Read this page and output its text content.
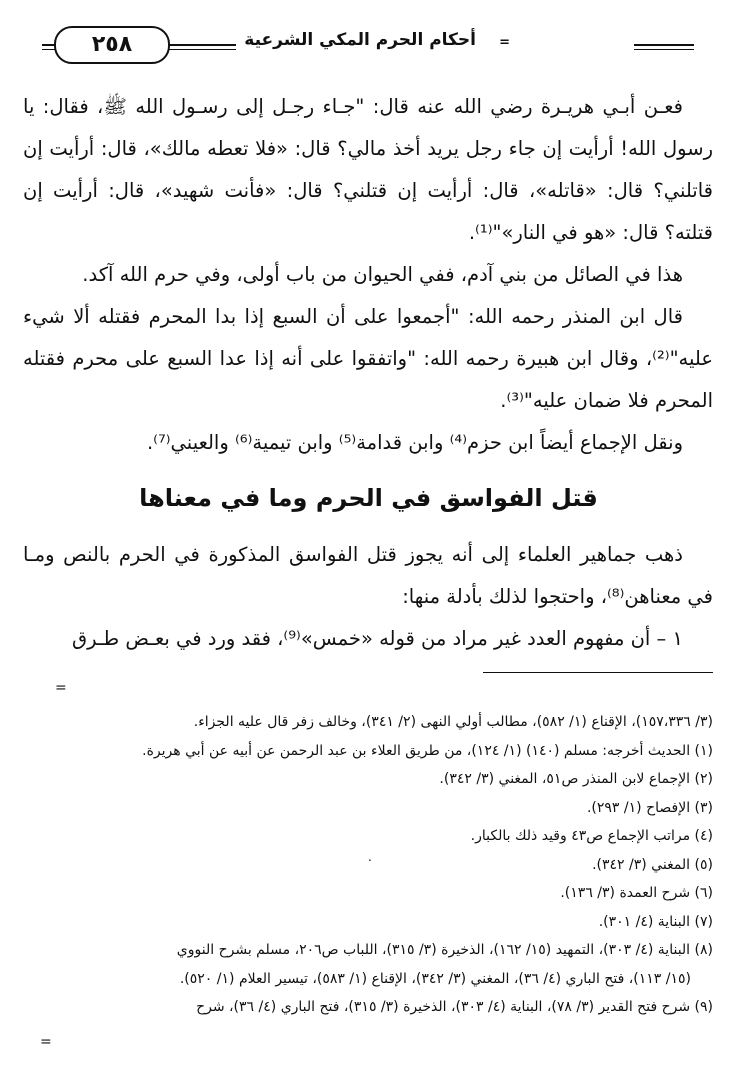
أحكام الحرم المكي الشرعية	=
٢٥٨

فعـن أبـي هريـرة رضي الله عنه قال: "جـاء رجـل إلى رسـول الله ﷺ، فقال: يا رسول الله! أرأيت إن جاء رجل يريد أخذ مالي؟ قال: «فلا تعطه مالك»، قال: أرأيت إن قاتلني؟ قال: «قاتله»، قال: أرأيت إن قتلني؟ قال: «فأنت شهيد»، قال: أرأيت إن قتلته؟ قال: «هو في النار»"⁽¹⁾.

هذا في الصائل من بني آدم، ففي الحيوان من باب أولى، وفي حرم الله آكد.

قال ابن المنذر رحمه الله: "أجمعوا على أن السبع إذا بدا المحرم فقتله ألا شيء عليه"⁽²⁾، وقال ابن هبيرة رحمه الله: "واتفقوا على أنه إذا عدا السبع على محرم فقتله المحرم فلا ضمان عليه"⁽³⁾.

ونقل الإجماع أيضاً ابن حزم⁽⁴⁾ وابن قدامة⁽⁵⁾ وابن تيمية⁽⁶⁾ والعيني⁽⁷⁾.

قتل الفواسق في الحرم وما في معناها

ذهب جماهير العلماء إلى أنه يجوز قتل الفواسق المذكورة في الحرم بالنص ومـا في معناهن⁽⁸⁾، واحتجوا لذلك بأدلة منها:

١ – أن مفهوم العدد غير مراد من قوله «خمس»⁽⁹⁾، فقد ورد في بعـض طـرق

=

(٣/ ١٥٧،٣٣٦)، الإقناع (١/ ٥٨٢)، مطالب أولي النهى (٢/ ٣٤١)، وخالف زفر قال عليه الجزاء.

(١) الحديث أخرجه: مسلم (١٤٠) (١/ ١٢٤)، من طريق العلاء بن عبد الرحمن عن أبيه عن أبي هريرة.

(٢) الإجماع لابن المنذر ص٥١، المغني (٣/ ٣٤٢).

(٣) الإفصاح (١/ ٢٩٣).

(٤) مراتب الإجماع ص٤٣ وقيد ذلك بالكبار.

(٥) المغني (٣/ ٣٤٢).

(٦) شرح العمدة (٣/ ١٣٦).

(٧) البناية (٤/ ٣٠١).

(٨) البناية (٤/ ٣٠٣)، التمهيد (١٥/ ١٦٢)، الذخيرة (٣/ ٣١٥)، اللباب ص٢٠٦، مسلم بشرح النووي

(١٥/ ١١٣)، فتح الباري (٤/ ٣٦)، المغني (٣/ ٣٤٢)، الإقناع (١/ ٥٨٣)، تيسير العلام (١/ ٥٢٠).

(٩) شرح فتح القدير (٣/ ٧٨)، البناية (٤/ ٣٠٣)، الذخيرة (٣/ ٣١٥)، فتح الباري (٤/ ٣٦)، شرح

.
=
